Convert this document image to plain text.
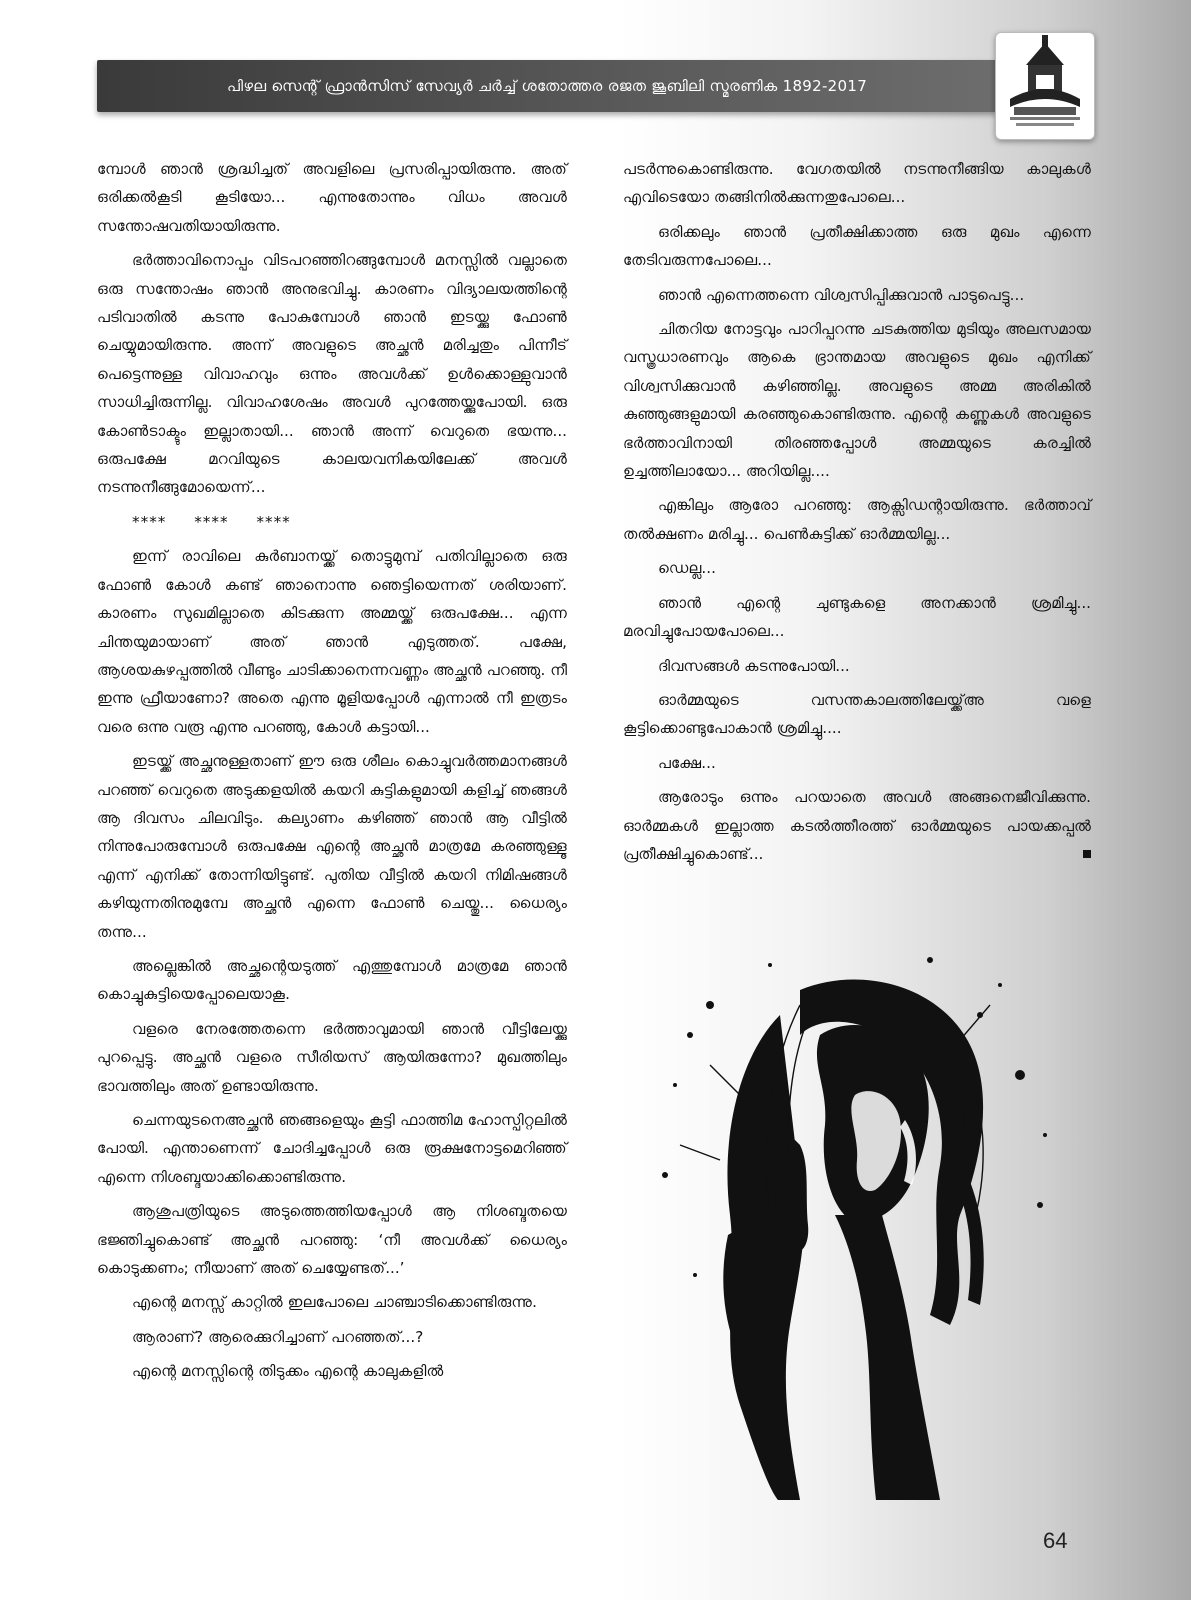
പിഴല സെന്റ് ഫ്രാൻസിസ് സേവ്യർ ചർച്ച് ശതോത്തര രജത ജൂബിലി സ്മരണിക 1892-2017

മ്പോൾ ഞാൻ ശ്രദ്ധിച്ചത് അവളിലെ പ്രസരിപ്പായിരുന്നു. അത് ഒരിക്കൽകൂടി കൂടിയോ... എന്നുതോന്നും വിധം അവൾ സന്തോഷവതിയായിരുന്നു.

ഭർത്താവിനൊപ്പം വിടപറഞ്ഞിറങ്ങുമ്പോൾ മനസ്സിൽ വല്ലാതെ ഒരു സന്തോഷം ഞാൻ അനുഭവിച്ചു. കാരണം വിദ്യാലയത്തിന്റെ പടിവാതിൽ കടന്നു പോകുമ്പോൾ ഞാൻ ഇടയ്ക്കു ഫോൺ ചെയ്യുമായിരുന്നു. അന്ന് അവളുടെ അച്ഛൻ മരിച്ചതും പിന്നീട് പെട്ടെന്നുള്ള വിവാഹവും ഒന്നും അവൾക്ക് ഉൾക്കൊള്ളുവാൻ സാധിച്ചിരുന്നില്ല. വിവാഹശേഷം അവൾ പുറത്തേയ്ക്കുപോയി. ഒരു കോൺടാക്ടും ഇല്ലാതായി... ഞാൻ അന്ന് വെറുതെ ഭയന്നു... ഒരുപക്ഷേ മറവിയുടെ കാലയവനികയിലേക്ക് അവൾ നടന്നുനീങ്ങുമോയെന്ന്...

**** **** ****

ഇന്ന് രാവിലെ കുർബാനയ്ക്ക് തൊട്ടുമുമ്പ് പതിവില്ലാതെ ഒരു ഫോൺ കോൾ കണ്ട് ഞാനൊന്നു ഞെട്ടിയെന്നത് ശരിയാണ്. കാരണം സുഖമില്ലാതെ കിടക്കുന്ന അമ്മയ്ക്ക് ഒരുപക്ഷേ... എന്ന ചിന്തയുമായാണ് അത് ഞാൻ എടുത്തത്. പക്ഷേ, ആശയകുഴപ്പത്തിൽ വീണ്ടും ചാടിക്കാനെന്നവണ്ണം അച്ഛൻ പറഞ്ഞു. നീ ഇന്നു ഫ്രീയാണോ? അതെ എന്നു മൂളിയപ്പോൾ എന്നാൽ നീ ഇത്രടം വരെ ഒന്നു വരൂ എന്നു പറഞ്ഞു, കോൾ കട്ടായി...

ഇടയ്ക്ക് അച്ഛനുള്ളതാണ് ഈ ഒരു ശീലം കൊച്ചുവർത്തമാനങ്ങൾ പറഞ്ഞ് വെറുതെ അടുക്കളയിൽ കയറി കുട്ടികളുമായി കളിച്ച് ഞങ്ങൾ ആ ദിവസം ചിലവിടും. കല്യാണം കഴിഞ്ഞ് ഞാൻ ആ വീട്ടിൽ നിന്നുപോരുമ്പോൾ ഒരുപക്ഷേ എന്റെ അച്ഛൻ മാത്രമേ കരഞ്ഞുള്ളൂ എന്ന് എനിക്ക് തോന്നിയിട്ടുണ്ട്. പുതിയ വീട്ടിൽ കയറി നിമിഷങ്ങൾ കഴിയുന്നതിനുമുമ്പേ അച്ഛൻ എന്നെ ഫോൺ ചെയ്തു... ധൈര്യം തന്നു...

അല്ലെങ്കിൽ അച്ഛന്റെയടുത്ത് എത്തുമ്പോൾ മാത്രമേ ഞാൻ കൊച്ചുകുട്ടിയെപ്പോലെയാകൂ.

വളരെ നേരത്തേതന്നെ ഭർത്താവുമായി ഞാൻ വീട്ടിലേയ്ക്കു പുറപ്പെട്ടു. അച്ഛൻ വളരെ സീരിയസ് ആയിരുന്നോ? മുഖത്തിലും ഭാവത്തിലും അത് ഉണ്ടായിരുന്നു.

ചെന്നയുടനെഅച്ഛൻ ഞങ്ങളെയും കൂട്ടി ഫാത്തിമ ഹോസ്പിറ്റലിൽ പോയി. എന്താണെന്ന് ചോദിച്ചപ്പോൾ ഒരു രൂക്ഷനോട്ടമെറിഞ്ഞ് എന്നെ നിശബ്ദയാക്കിക്കൊണ്ടിരുന്നു.

ആശുപത്രിയുടെ അടുത്തെത്തിയപ്പോൾ ആ നിശബ്ദതയെ ഭജ്ഞിച്ചുകൊണ്ട് അച്ഛൻ പറഞ്ഞു: ‘നീ അവൾക്ക് ധൈര്യം കൊടുക്കണം; നീയാണ് അത് ചെയ്യേണ്ടത്...’

എന്റെ മനസ്സ് കാറ്റിൽ ഇലപോലെ ചാഞ്ചാടിക്കൊണ്ടിരുന്നു.

ആരാണ്? ആരെക്കുറിച്ചാണ് പറഞ്ഞത്...?

എന്റെ മനസ്സിന്റെ തിടുക്കം എന്റെ കാലുകളിൽ

പടർന്നുകൊണ്ടിരുന്നു. വേഗതയിൽ നടന്നുനീങ്ങിയ കാലുകൾ എവിടെയോ തങ്ങിനിൽക്കുന്നതുപോലെ...

ഒരിക്കലും ഞാൻ പ്രതീക്ഷിക്കാത്ത ഒരു മുഖം എന്നെ തേടിവരുന്നപോലെ...

ഞാൻ എന്നെത്തന്നെ വിശ്വസിപ്പിക്കുവാൻ പാടുപെട്ടു...

ചിതറിയ നോട്ടവും പാറിപ്പറന്നു ചടകുത്തിയ മുടിയും അലസമായ വസ്ത്രധാരണവും ആകെ ഭ്രാന്തമായ അവളുടെ മുഖം എനിക്ക് വിശ്വസിക്കുവാൻ കഴിഞ്ഞില്ല. അവളുടെ അമ്മ അരികിൽ കുഞ്ഞുങ്ങളുമായി കരഞ്ഞുകൊണ്ടിരുന്നു. എന്റെ കണ്ണുകൾ അവളുടെ ഭർത്താവിനായി തിരഞ്ഞപ്പോൾ അമ്മയുടെ കരച്ചിൽ ഉച്ചത്തിലായോ... അറിയില്ല....

എങ്കിലും ആരോ പറഞ്ഞു: ആക്സിഡന്റായിരുന്നു. ഭർത്താവ് തൽക്ഷണം മരിച്ചു... പെൺകുട്ടിക്ക് ഓർമ്മയില്ല...

ഡെല്ല...

ഞാൻ എന്റെ ചുണ്ടുകളെ അനക്കാൻ ശ്രമിച്ചു... മരവിച്ചുപോയപോലെ...

ദിവസങ്ങൾ കടന്നുപോയി...

ഓർമ്മയുടെ വസന്തകാലത്തിലേയ്ക്ക്അ വളെ കൂട്ടിക്കൊണ്ടുപോകാൻ ശ്രമിച്ചു....

പക്ഷേ...

ആരോടും ഒന്നും പറയാതെ അവൾ അങ്ങനെജീവിക്കുന്നു. ഓർമ്മകൾ ഇല്ലാത്ത കടൽത്തീരത്ത് ഓർമ്മയുടെ പായക്കപ്പൽ പ്രതീക്ഷിച്ചുകൊണ്ട്...

64
